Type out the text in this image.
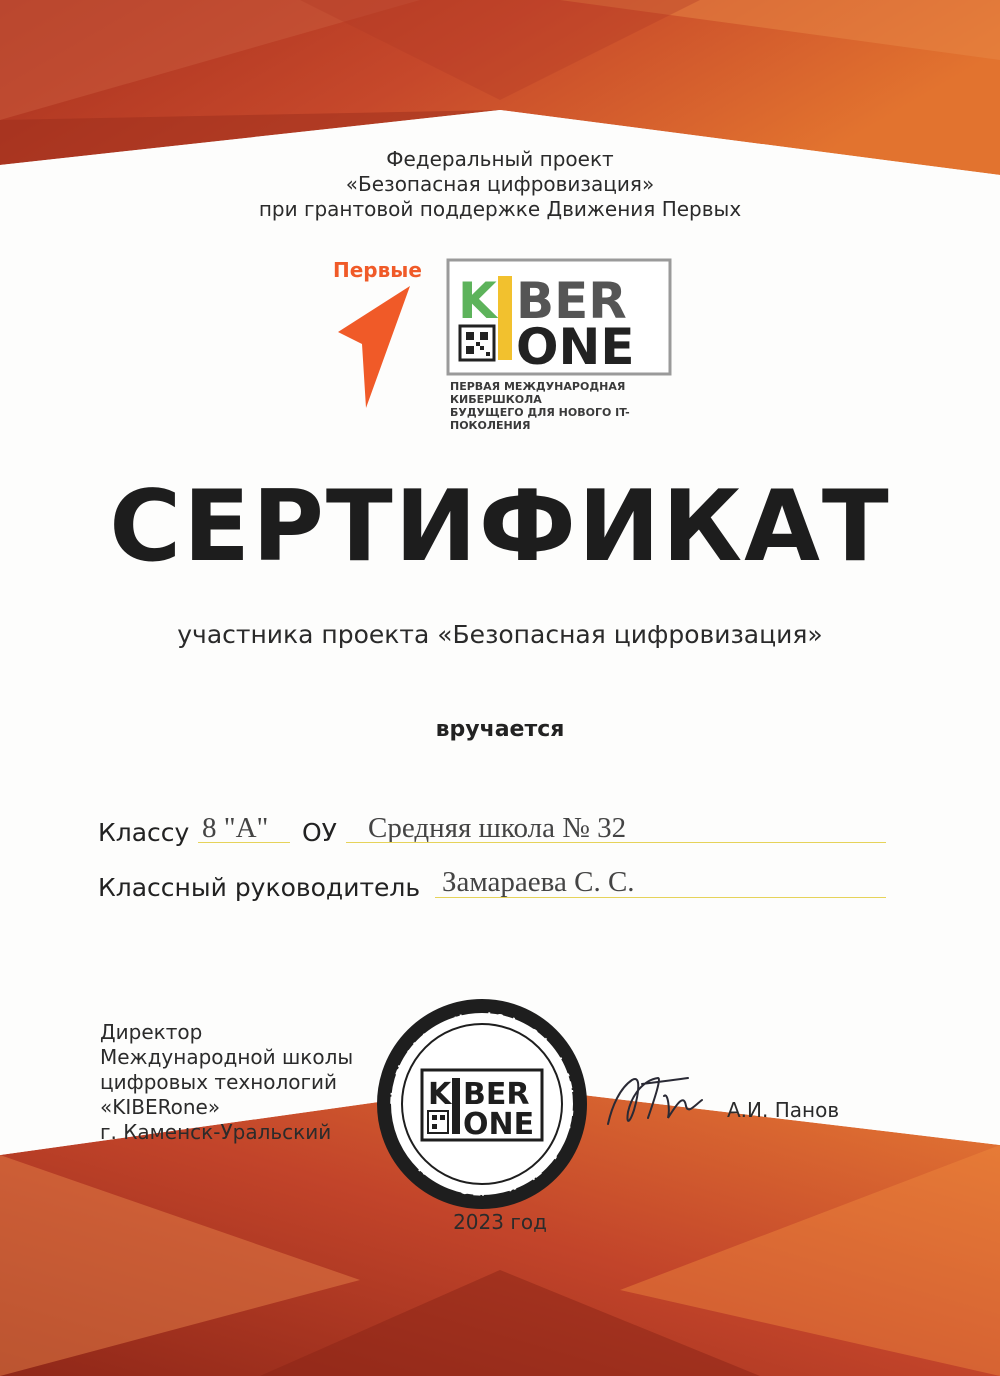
Федеральный проект
«Безопасная цифровизация»
при грантовой поддержке Движения Первых
Первые
K BER
ONE
ПЕРВАЯ МЕЖДУНАРОДНАЯ КИБЕРШКОЛА
БУДУЩЕГО ДЛЯ НОВОГО IT-ПОКОЛЕНИЯ
СЕРТИФИКАТ
участника проекта «Безопасная цифровизация»
вручается
Классу 8 "А" ОУ Средняя школа № 32
Классный руководитель Замараева С. С.
Директор
Международной школы
цифровых технологий
«KIBERone»
г. Каменск-Уральский
The First International CyberSchool of The Future for The New IT-Generation
K BER
ONE	А.И. Панов
2023 год
